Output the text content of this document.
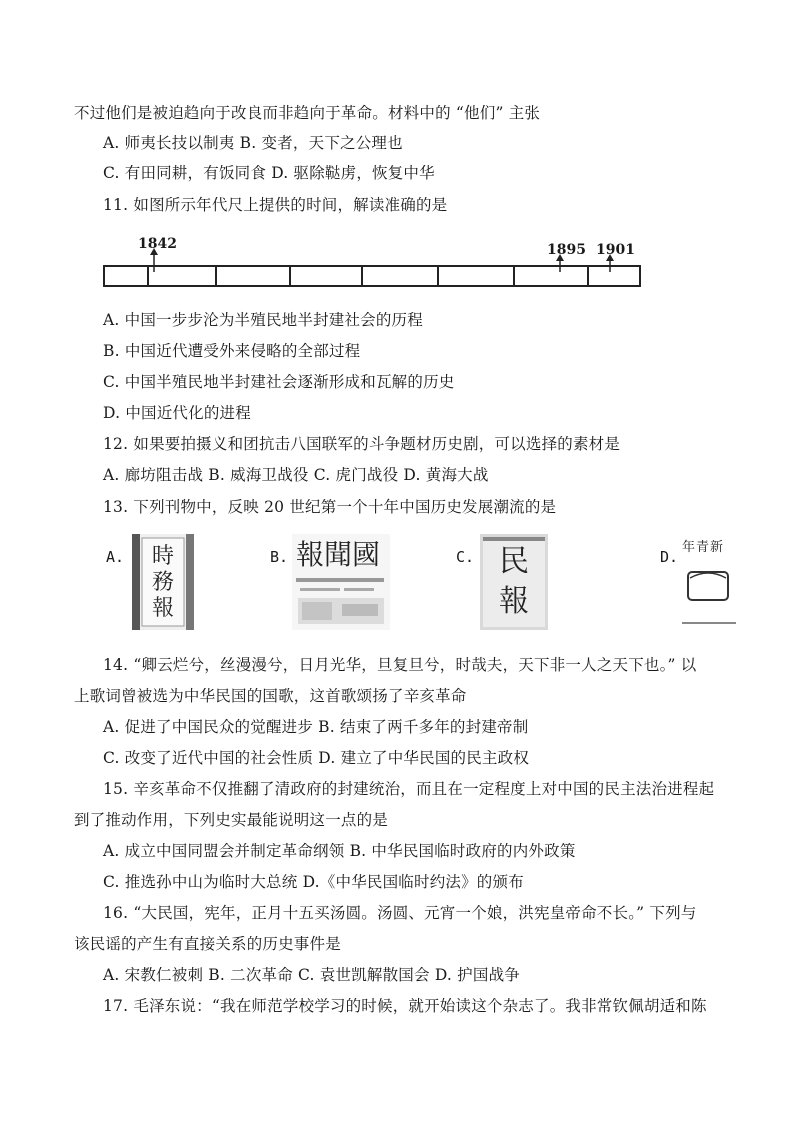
不过他们是被迫趋向于改良而非趋向于革命。材料中的 “他们” 主张
A. 师夷长技以制夷 B. 变者，天下之公理也
C. 有田同耕，有饭同食 D. 驱除鞑虏，恢复中华
11. 如图所示年代尺上提供的时间，解读准确的是
1842	1895 1901
A. 中国一步步沦为半殖民地半封建社会的历程
B. 中国近代遭受外来侵略的全部过程
C. 中国半殖民地半封建社会逐渐形成和瓦解的历史
D. 中国近代化的进程
12. 如果要拍摄义和团抗击八国联军的斗争题材历史剧，可以选择的素材是
A. 廊坊阻击战 B. 威海卫战役 C. 虎门战役 D. 黄海大战
13. 下列刊物中，反映 20 世纪第一个十年中国历史发展潮流的是
A. 時務報
B. 國聞報	C. 民報
D.
新青年
14. “卿云烂兮，丝漫漫兮，日月光华，旦复旦兮，时哉夫，天下非一人之天下也。” 以
上歌词曾被选为中华民国的国歌，这首歌颂扬了辛亥革命
A. 促进了中国民众的觉醒进步 B. 结束了两千多年的封建帝制
C. 改变了近代中国的社会性质 D. 建立了中华民国的民主政权
15. 辛亥革命不仅推翻了清政府的封建统治，而且在一定程度上对中国的民主法治进程起
到了推动作用，下列史实最能说明这一点的是
A. 成立中国同盟会并制定革命纲领 B. 中华民国临时政府的内外政策
C. 推选孙中山为临时大总统 D.《中华民国临时约法》的颁布
16. “大民国，宪年，正月十五买汤圆。汤圆、元宵一个娘，洪宪皇帝命不长。” 下列与
该民谣的产生有直接关系的历史事件是
A. 宋教仁被刺 B. 二次革命 C. 袁世凯解散国会 D. 护国战争
17. 毛泽东说：“我在师范学校学习的时候，就开始读这个杂志了。我非常钦佩胡适和陈
